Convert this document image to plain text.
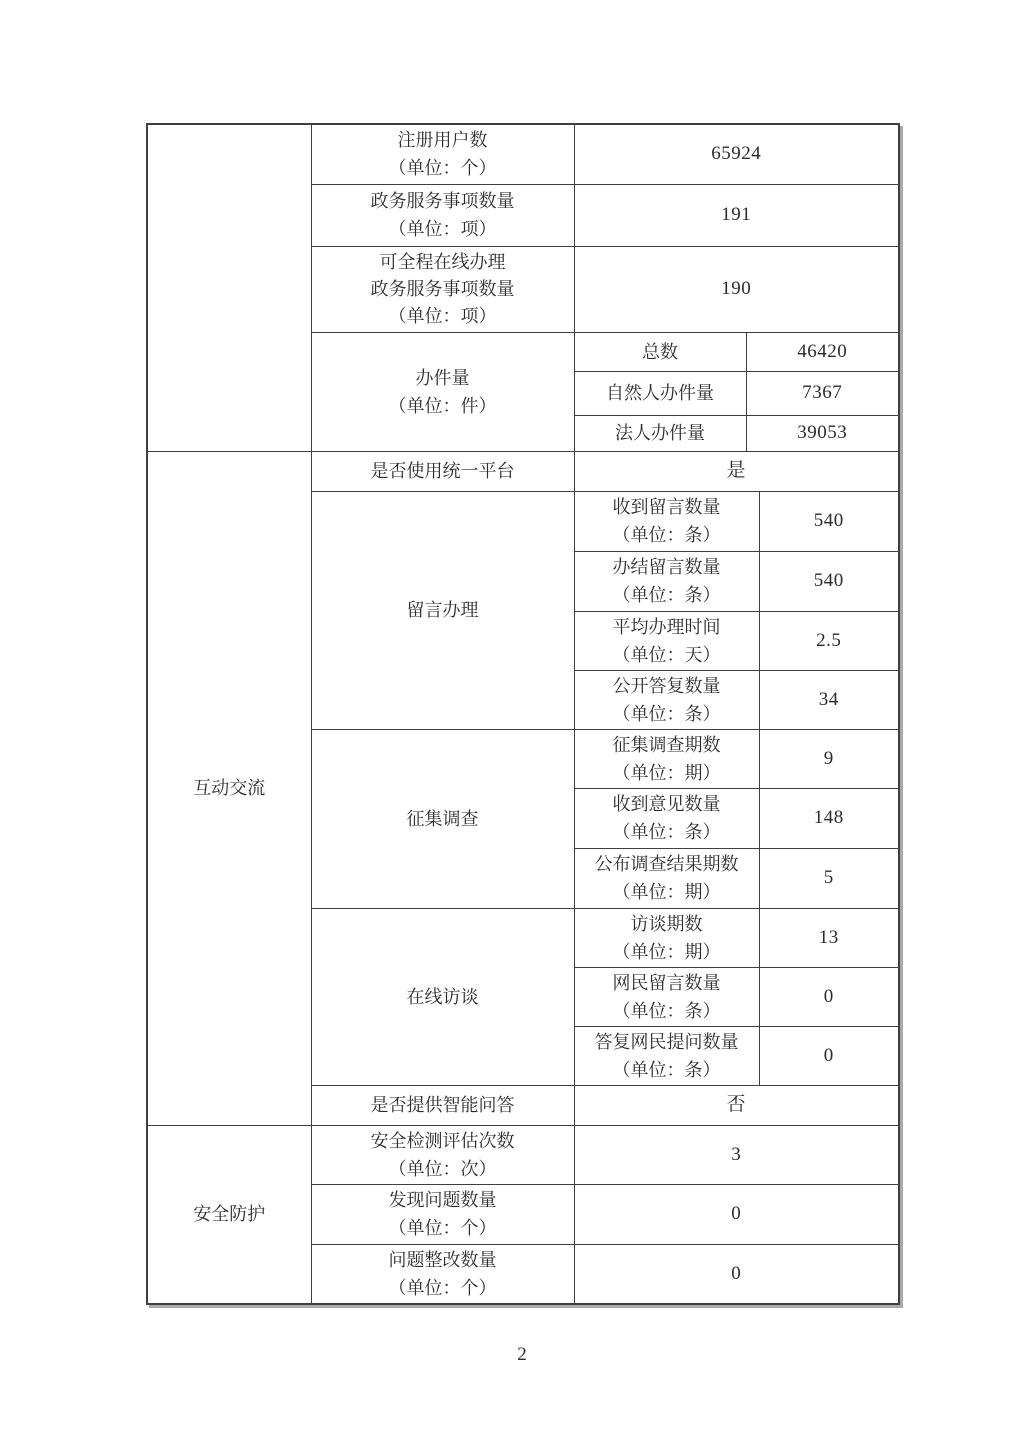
	注册用户数
（单位：个）	65924		

	政务服务事项数量
（单位：项）	191		

	可全程在线办理
政务服务事项数量
（单位：项）	190		

	办件量
（单位：件）	总数	46420	
		自然人办件量	7367	
		法人办件量	39053	
互动交流	是否使用统一平台	是		
	留言办理	收到留言数量
（单位：条）		540

		办结留言数量
（单位：条）		540

		平均办理时间
（单位：天）		2.5

		公开答复数量
（单位：条）		34
	征集调查	征集调查期数
（单位：期）		9

		收到意见数量
（单位：条）		148

		公布调查结果期数
（单位：期）		5
	在线访谈	访谈期数
（单位：期）		13

		网民留言数量
（单位：条）		0

		答复网民提问数量
（单位：条）		0
	是否提供智能问答	否		
安全防护	安全检测评估次数
（单位：次）	3		

	发现问题数量
（单位：个）	0		

	问题整改数量
（单位：个）	0		
2
